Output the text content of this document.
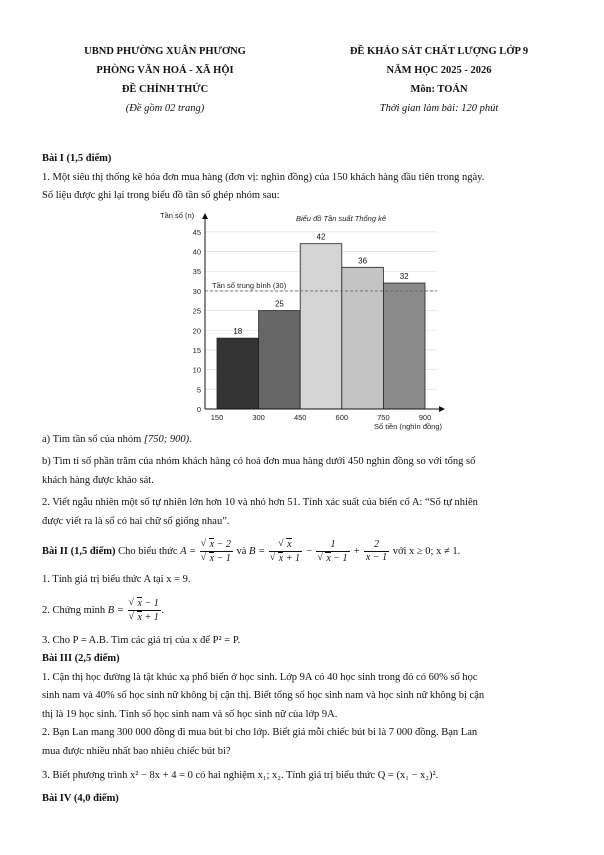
UBND PHƯỜNG XUÂN PHƯƠNG
PHÒNG VĂN HOÁ - XÃ HỘI
ĐỀ CHÍNH THỨC
(Đề gồm 02 trang)
ĐỀ KHẢO SÁT CHẤT LƯỢNG LỚP 9
NĂM HỌC 2025 - 2026
Môn: TOÁN
Thời gian làm bài: 120 phút

Bài I (1,5 điểm)

1. Một siêu thị thống kê hóa đơn mua hàng (đơn vị: nghìn đồng) của 150 khách hàng đầu tiên trong ngày.

Số liệu được ghi lại trong biểu đồ tần số ghép nhóm sau:

0
5
10
15
20
25
30
35
40
45
18
25
42
36
32
Tần số trung bình (30)
150	300	450	600	750	900
Tần số (n)
Số tiền (nghìn đồng)
Biểu đồ Tần suất Thống kê

a) Tìm tần số của nhóm [750; 900).

b) Tìm tỉ số phần trăm của nhóm khách hàng có hoá đơn mua hàng dưới 450 nghìn đồng so với tổng số

khách hàng được khảo sát.

2. Viết ngẫu nhiên một số tự nhiên lớn hơn 10 và nhỏ hơn 51. Tính xác suất của biến cố A: “Số tự nhiên

được viết ra là số có hai chữ số giống nhau”.

Bài II (1,5 điểm) Cho biểu thức A = √ x − 2
√ x − 1 và B = √ x
√ x + 1 − 1
√ $x - 1 + \frac{2}{x - 1}$ với x ≥ 0; x ≠ 1.

1. Tính giá trị biểu thức A tại x = 9.

2. Chứng minh B = √ x − 1
√ x + 1 .

3. Cho P = A.B. Tìm các giá trị của x để P² = P.

Bài III (2,5 điểm)

1. Cận thị học đường là tật khúc xạ phổ biến ở học sinh. Lớp 9A có 40 học sinh trong đó có 60% số học

sinh nam và 40% số học sinh nữ không bị cận thị. Biết tổng số học sinh nam và học sinh nữ không bị cận

thị là 19 học sinh. Tính số học sinh nam và số học sinh nữ của lớp 9A.

2. Bạn Lan mang 300 000 đồng đi mua bút bi cho lớp. Biết giá mỗi chiếc bút bi là 7 000 đồng. Bạn Lan

mua được nhiều nhất bao nhiêu chiếc bút bi?

3. Biết phương trình x² − 8x + 4 = 0 có hai nghiệm x₁; x₂. Tính giá trị biểu thức Q = (x₁ − x₂)².

Bài IV (4,0 điểm)
